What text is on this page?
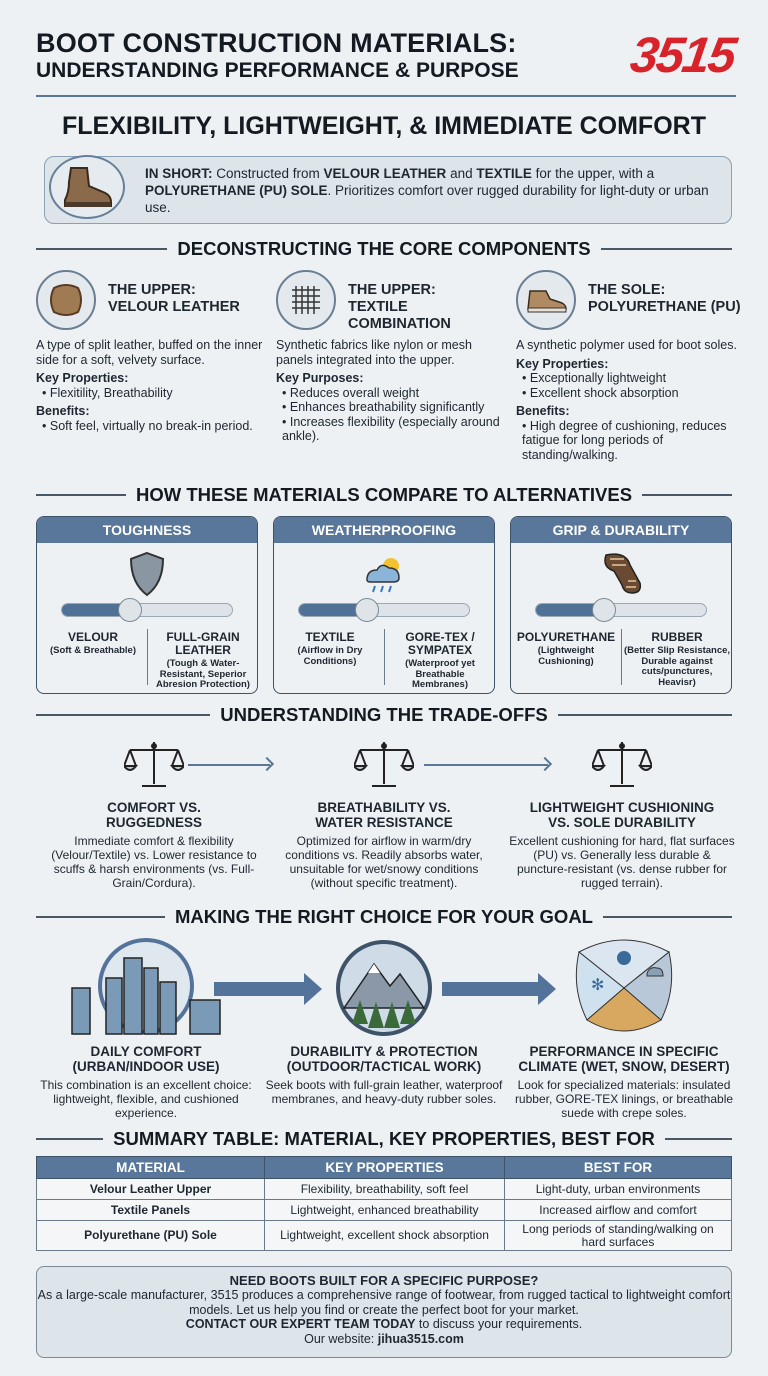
BOOT CONSTRUCTION MATERIALS:
UNDERSTANDING PERFORMANCE & PURPOSE	3515
FLEXIBILITY, LIGHTWEIGHT, & IMMEDIATE COMFORT

IN SHORT: Constructed from VELOUR LEATHER and TEXTILE for the upper, with a POLYURETHANE (PU) SOLE. Prioritizes comfort over rugged durability for light-duty or urban use.

DECONSTRUCTING THE CORE COMPONENTS
THE UPPER:
VELOUR LEATHER

A type of split leather, buffed on the inner side for a soft, velvety surface.

Key Properties:
• Flexitility, Breathability
Benefits:
• Soft feel, virtually no break-in period.
THE UPPER:
TEXTILE
COMBINATION

Synthetic fabrics like nylon or mesh panels integrated into the upper.

Key Purposes:
• Reduces overall weight
• Enhances breathability significantly
• Increases flexibility (especially around ankle).
THE SOLE:
POLYURETHANE (PU)

A synthetic polymer used for boot soles.

Key Properties:
• Exceptionally lightweight
• Excellent shock absorption
Benefits:
• High degree of cushioning, reduces fatigue for long periods of standing/walking.
HOW THESE MATERIALS COMPARE TO ALTERNATIVES
TOUGHNESS
VELOUR
(Soft & Breathable)
FULL-GRAIN LEATHER
(Tough & Water-Resistant, Seperior Abresion Protection)
WEATHERPROOFING
TEXTILE
(Airflow in Dry Conditions)
GORE-TEX / SYMPATEX
(Waterproof yet Breathable Membranes)
GRIP & DURABILITY
POLYURETHANE
(Lightweight Cushioning)
RUBBER
(Better Slip Resistance, Durable against cuts/punctures, Heavisr)
UNDERSTANDING THE TRADE-OFFS
COMFORT VS.
RUGGEDNESS

Immediate comfort & flexibility (Velour/Textile) vs. Lower resistance to scuffs & harsh environments (vs. Full-Grain/Cordura).

BREATHABILITY VS.
WATER RESISTANCE

Optimized for airflow in warm/dry conditions vs. Readily absorbs water, unsuitable for wet/snowy conditions (without specific treatment).

LIGHTWEIGHT CUSHIONING
VS. SOLE DURABILITY

Excellent cushioning for hard, flat surfaces (PU) vs. Generally less durable & puncture-resistant (vs. dense rubber for rugged terrain).

MAKING THE RIGHT CHOICE FOR YOUR GOAL
DAILY COMFORT
(URBAN/INDOOR USE)

This combination is an excellent choice: lightweight, flexible, and cushioned experience.

DURABILITY & PROTECTION
(OUTDOOR/TACTICAL WORK)

Seek boots with full-grain leather, waterproof membranes, and heavy-duty rubber soles.

✻
PERFORMANCE IN SPECIFIC
CLIMATE (WET, SNOW, DESERT)

Look for specialized materials: insulated rubber, GORE-TEX linings, or breathable suede with crepe soles.

SUMMARY TABLE: MATERIAL, KEY PROPERTIES, BEST FOR
MATERIAL	KEY PROPERTIES	BEST FOR
Velour Leather Upper	Flexibility, breathability, soft feel	Light-duty, urban environments
Textile Panels	Lightweight, enhanced breathability	Increased airflow and comfort
Polyurethane (PU) Sole	Lightweight, excellent shock absorption	Long periods of standing/walking on hard surfaces
NEED BOOTS BUILT FOR A SPECIFIC PURPOSE?

As a large-scale manufacturer, 3515 produces a comprehensive range of footwear, from rugged tactical to lightweight comfort models. Let us help you find or create the perfect boot for your market.

CONTACT OUR EXPERT TEAM TODAY to discuss your requirements.

Our website: jihua3515.com
